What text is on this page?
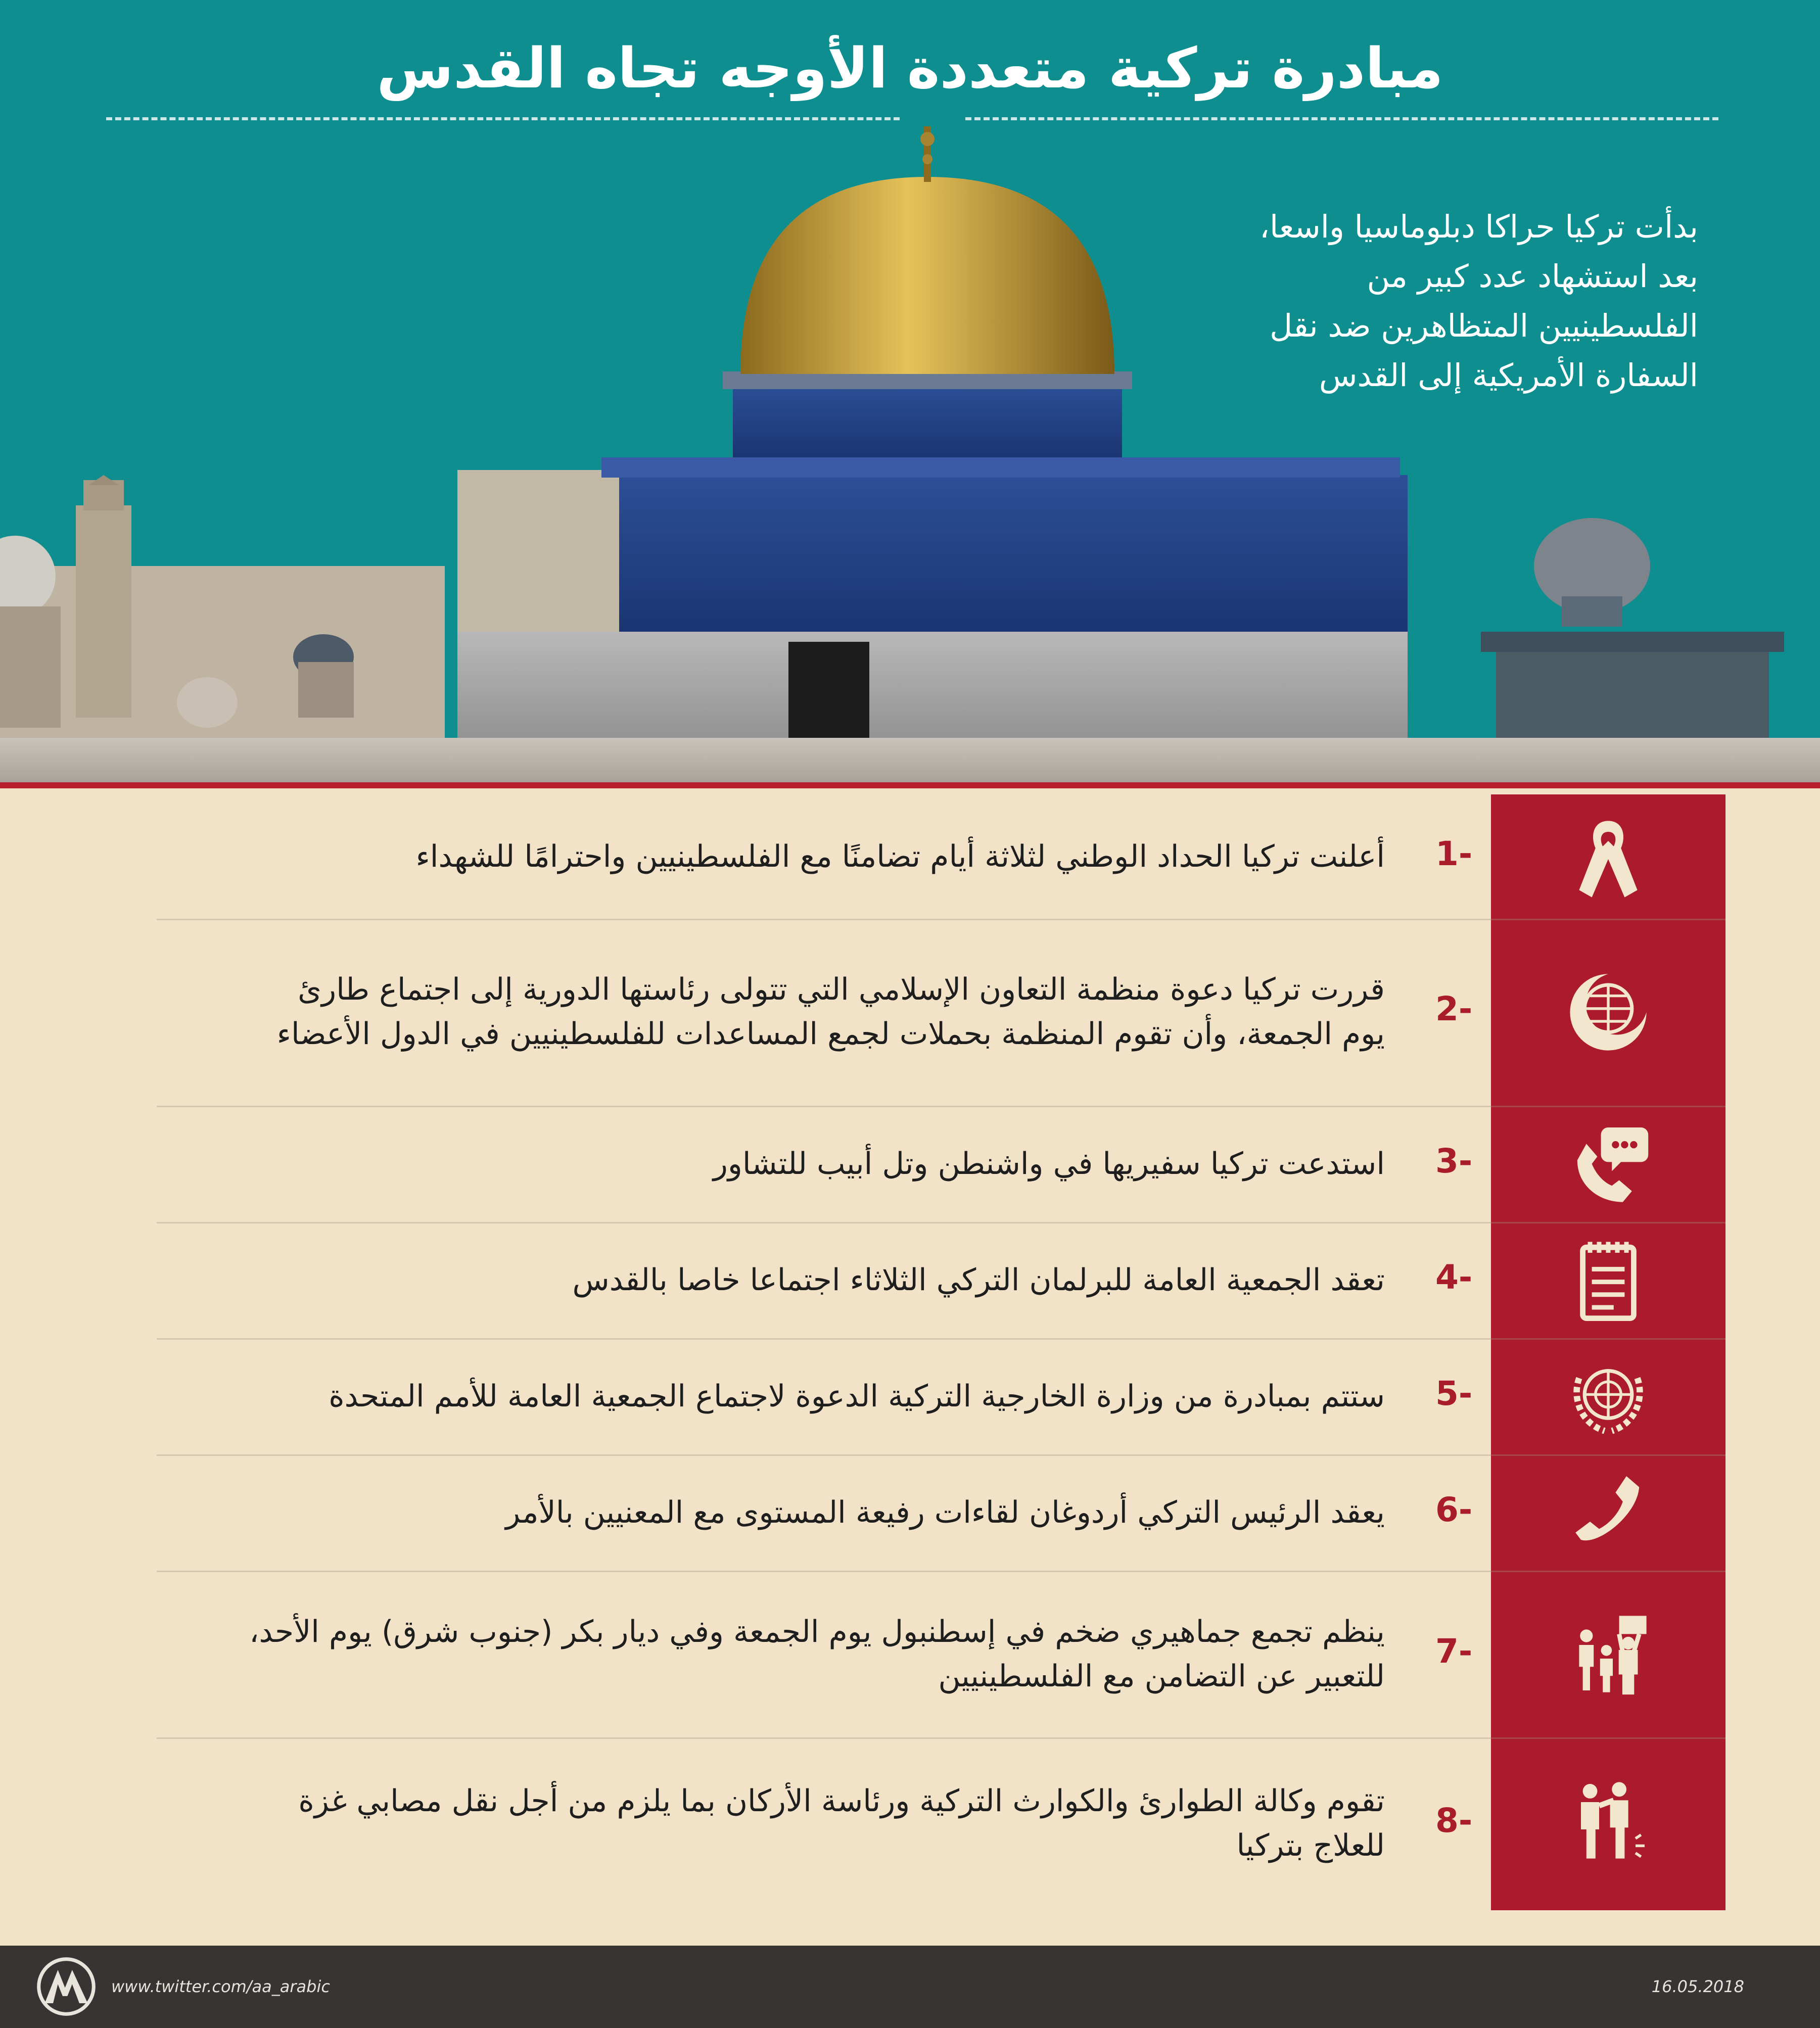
مبادرة تركية متعددة الأوجه تجاه القدس
بدأت تركيا حراكا دبلوماسيا واسعا،
بعد استشهاد عدد كبير من
الفلسطينيين المتظاهرين ضد نقل
السفارة الأمريكية إلى القدس
1-
أعلنت تركيا الحداد الوطني لثلاثة أيام تضامنًا مع الفلسطينيين واحترامًا للشهداء
2-
قررت تركيا دعوة منظمة التعاون الإسلامي التي تتولى رئاستها الدورية إلى اجتماع طارئ
يوم الجمعة، وأن تقوم المنظمة بحملات لجمع المساعدات للفلسطينيين في الدول الأعضاء
3-
استدعت تركيا سفيريها في واشنطن وتل أبيب للتشاور
4-
تعقد الجمعية العامة للبرلمان التركي الثلاثاء اجتماعا خاصا بالقدس
5-
ستتم بمبادرة من وزارة الخارجية التركية الدعوة لاجتماع الجمعية العامة للأمم المتحدة
6-
يعقد الرئيس التركي أردوغان لقاءات رفيعة المستوى مع المعنيين بالأمر
7-
ينظم تجمع جماهيري ضخم في إسطنبول يوم الجمعة وفي ديار بكر (جنوب شرق) يوم الأحد،
للتعبير عن التضامن مع الفلسطينيين
8-
تقوم وكالة الطوارئ والكوارث التركية ورئاسة الأركان بما يلزم من أجل نقل مصابي غزة
للعلاج بتركيا
www.twitter.com/aa_arabic	16.05.2018
